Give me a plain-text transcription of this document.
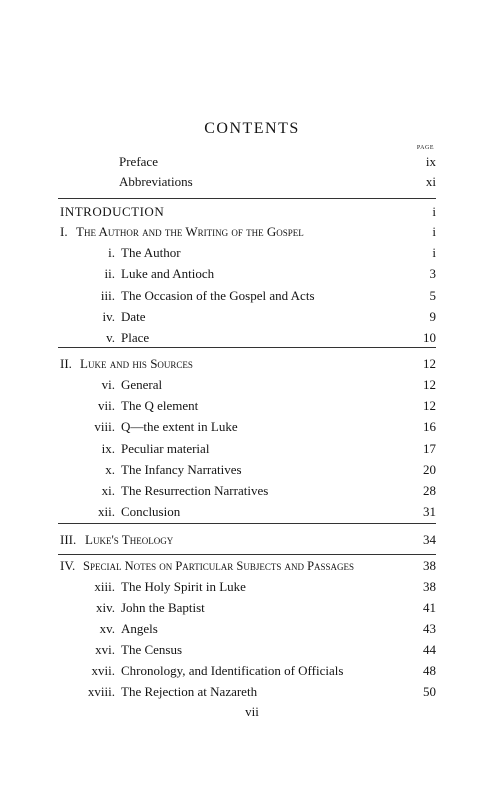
CONTENTS
PAGE
Preface	ix
Abbreviations	xi
INTRODUCTION	i
I. The Author and the Writing of the Gospel	i
i. The Author	i
ii. Luke and Antioch	3
iii. The Occasion of the Gospel and Acts	5
iv. Date	9
v. Place	10
II. Luke and his Sources	12
vi. General	12
vii. The Q element	12
viii. Q—the extent in Luke	16
ix. Peculiar material	17
x. The Infancy Narratives	20
xi. The Resurrection Narratives	28
xii. Conclusion	31
III. Luke's Theology	34
IV. Special Notes on Particular Subjects and Passages	38
xiii. The Holy Spirit in Luke	38
xiv. John the Baptist	41
xv. Angels	43
xvi. The Census	44
xvii. Chronology, and Identification of Officials	48
xviii. The Rejection at Nazareth	50
vii
